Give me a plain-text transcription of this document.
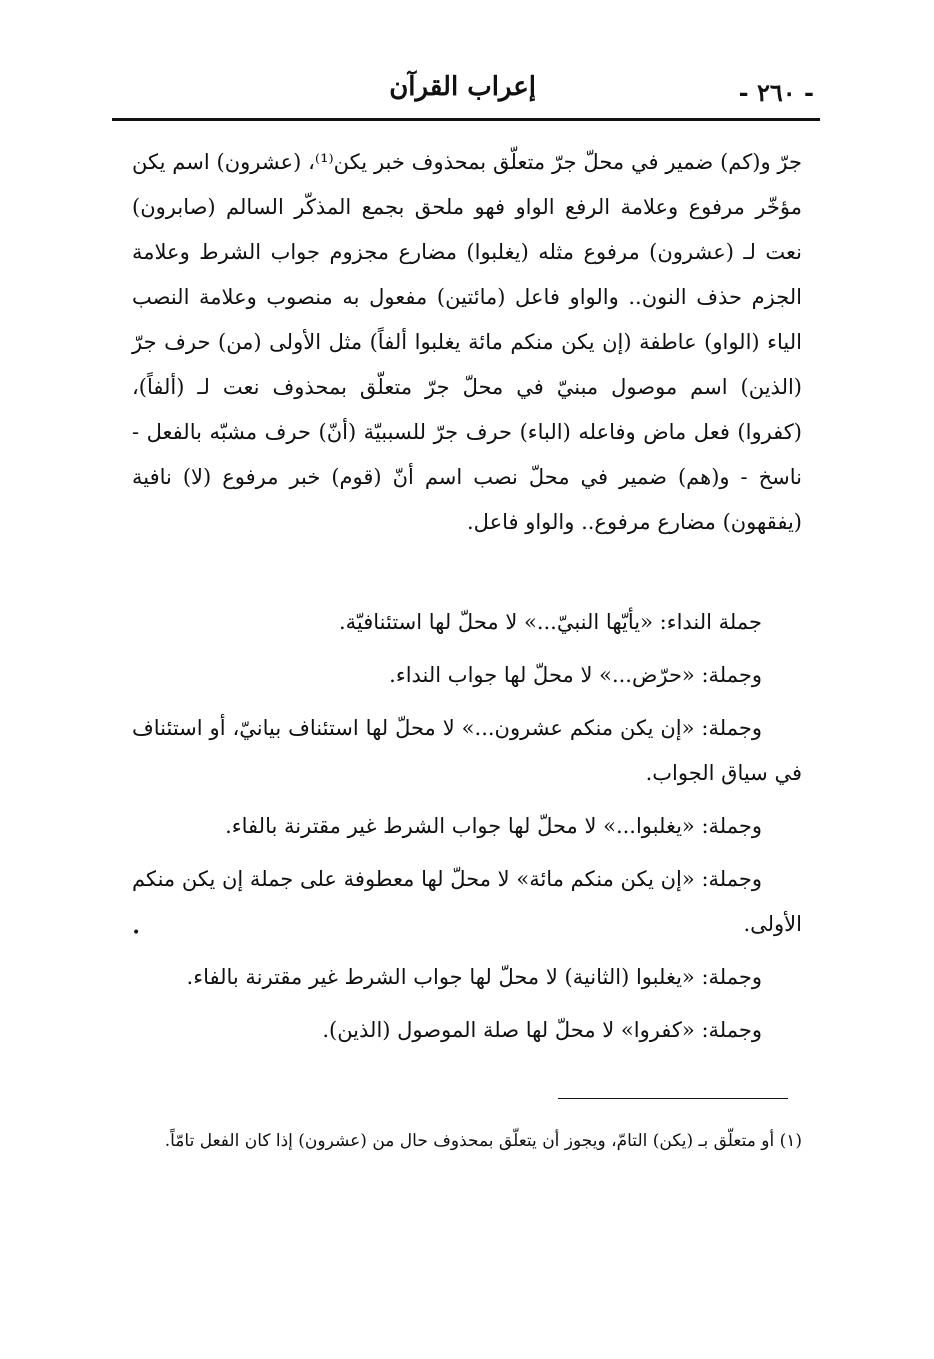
- ٢٦٠ -
إعراب القرآن

جرّ و(كم) ضمير في محلّ جرّ متعلّق بمحذوف خبر يكن⁽¹⁾، (عشرون) اسم يكن مؤخّر مرفوع وعلامة الرفع الواو فهو ملحق بجمع المذكّر السالم (صابرون) نعت لـ (عشرون) مرفوع مثله (يغلبوا) مضارع مجزوم جواب الشرط وعلامة الجزم حذف النون.. والواو فاعل (مائتين) مفعول به منصوب وعلامة النصب الياء (الواو) عاطفة (إن يكن منكم مائة يغلبوا ألفاً) مثل الأولى (من) حرف جرّ (الذين) اسم موصول مبنيّ في محلّ جرّ متعلّق بمحذوف نعت لـ (ألفاً)، (كفروا) فعل ماض وفاعله (الباء) حرف جرّ للسببيّة (أنّ) حرف مشبّه بالفعل - ناسخ - و(هم) ضمير في محلّ نصب اسم أنّ (قوم) خبر مرفوع (لا) نافية (يفقهون) مضارع مرفوع.. والواو فاعل.

جملة النداء: «يأيّها النبيّ...» لا محلّ لها استئنافيّة.

وجملة: «حرّض...» لا محلّ لها جواب النداء.

وجملة: «إن يكن منكم عشرون...» لا محلّ لها استئناف بيانيّ، أو استئناف في سياق الجواب.

وجملة: «يغلبوا...» لا محلّ لها جواب الشرط غير مقترنة بالفاء.

وجملة: «إن يكن منكم مائة» لا محلّ لها معطوفة على جملة إن يكن منكم الأولى.

وجملة: «يغلبوا (الثانية) لا محلّ لها جواب الشرط غير مقترنة بالفاء.

وجملة: «كفروا» لا محلّ لها صلة الموصول (الذين).

•

(١) أو متعلّق بـ (يكن) التامّ، ويجوز أن يتعلّق بمحذوف حال من (عشرون) إذا كان الفعل تامّاً.
